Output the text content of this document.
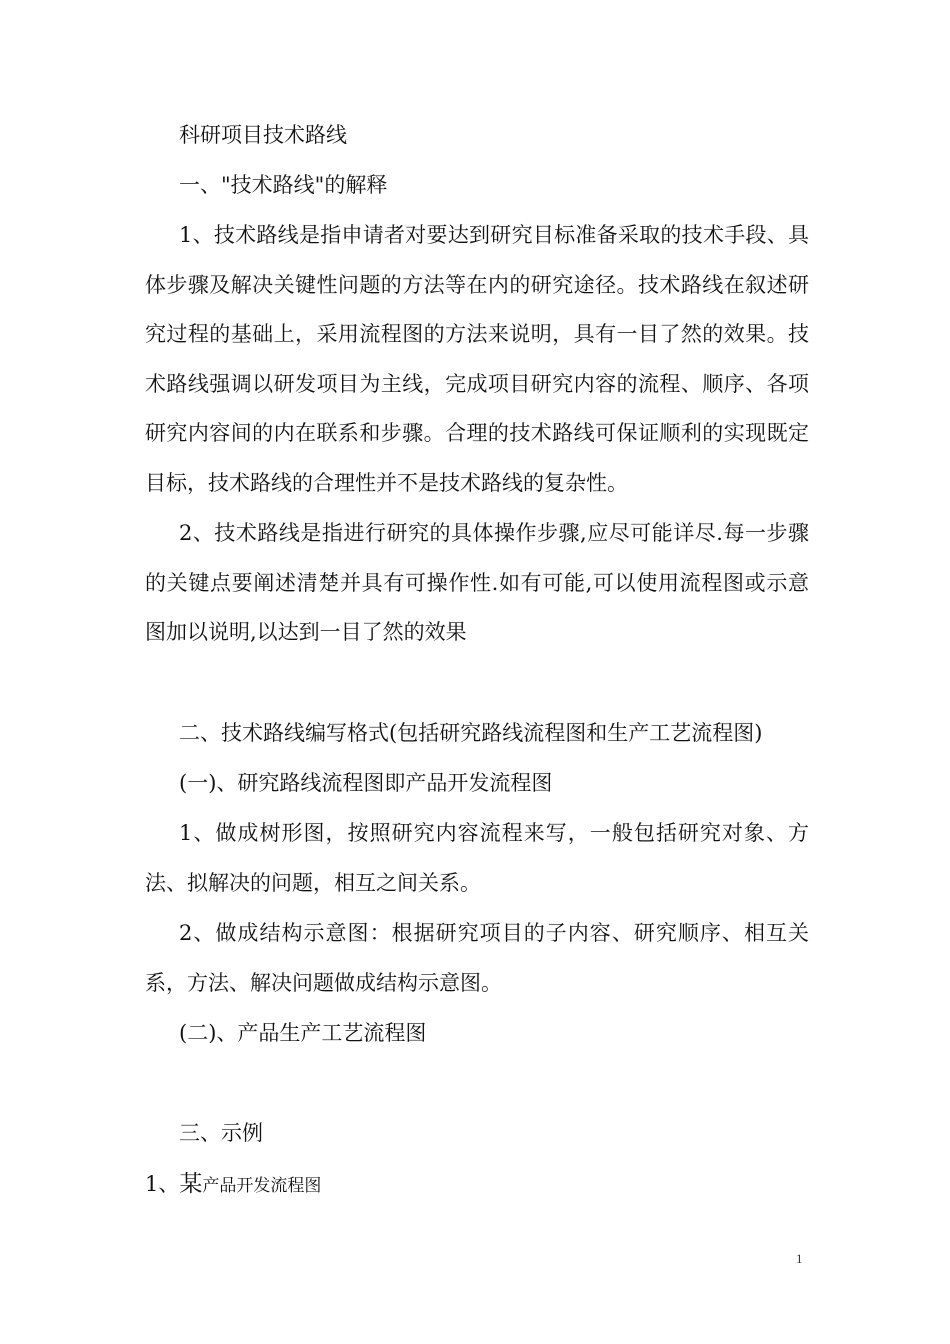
科研项目技术路线

一、"技术路线"的解释

1、技术路线是指申请者对要达到研究目标准备采取的技术手段、具体步骤及解决关键性问题的方法等在内的研究途径。技术路线在叙述研究过程的基础上，采用流程图的方法来说明，具有一目了然的效果。技术路线强调以研发项目为主线，完成项目研究内容的流程、顺序、各项研究内容间的内在联系和步骤。合理的技术路线可保证顺利的实现既定目标，技术路线的合理性并不是技术路线的复杂性。

2、技术路线是指进行研究的具体操作步骤,应尽可能详尽.每一步骤的关键点要阐述清楚并具有可操作性.如有可能,可以使用流程图或示意图加以说明,以达到一目了然的效果

二、技术路线编写格式(包括研究路线流程图和生产工艺流程图)

(一)、研究路线流程图即产品开发流程图

1、做成树形图，按照研究内容流程来写，一般包括研究对象、方法、拟解决的问题，相互之间关系。

2、做成结构示意图：根据研究项目的子内容、研究顺序、相互关系，方法、解决问题做成结构示意图。

(二)、产品生产工艺流程图

三、示例

1、某产品开发流程图

1
